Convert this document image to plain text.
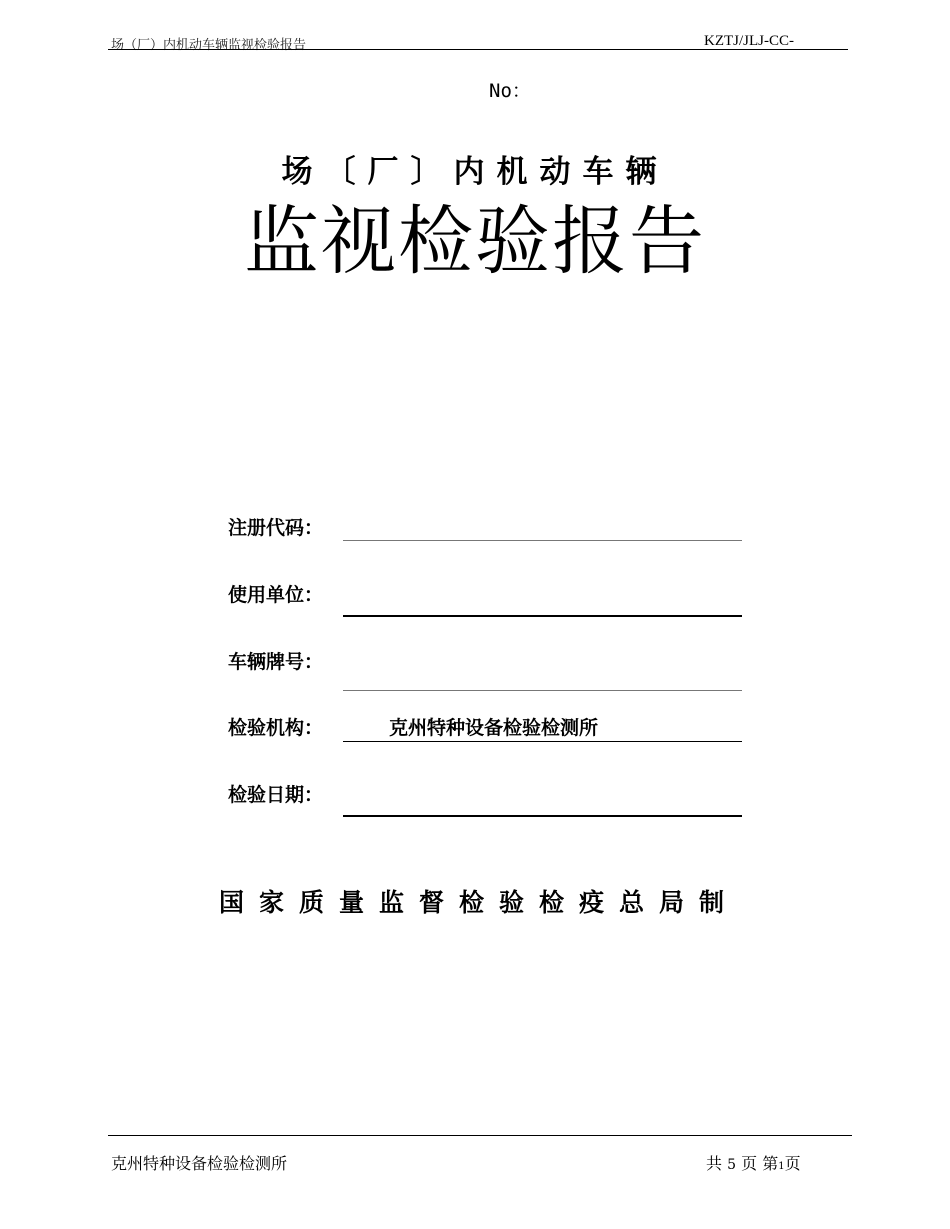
场（厂）内机动车辆监视检验报告	KZTJ/JLJ-CC-
No：
场〔厂〕内机动车辆
监视检验报告
注册代码：
使用单位：
车辆牌号：
检验机构：	克州特种设备检验检测所
检验日期：
国家质量监督检验检疫总局制
克州特种设备检验检测所	共 5 页 第1页
